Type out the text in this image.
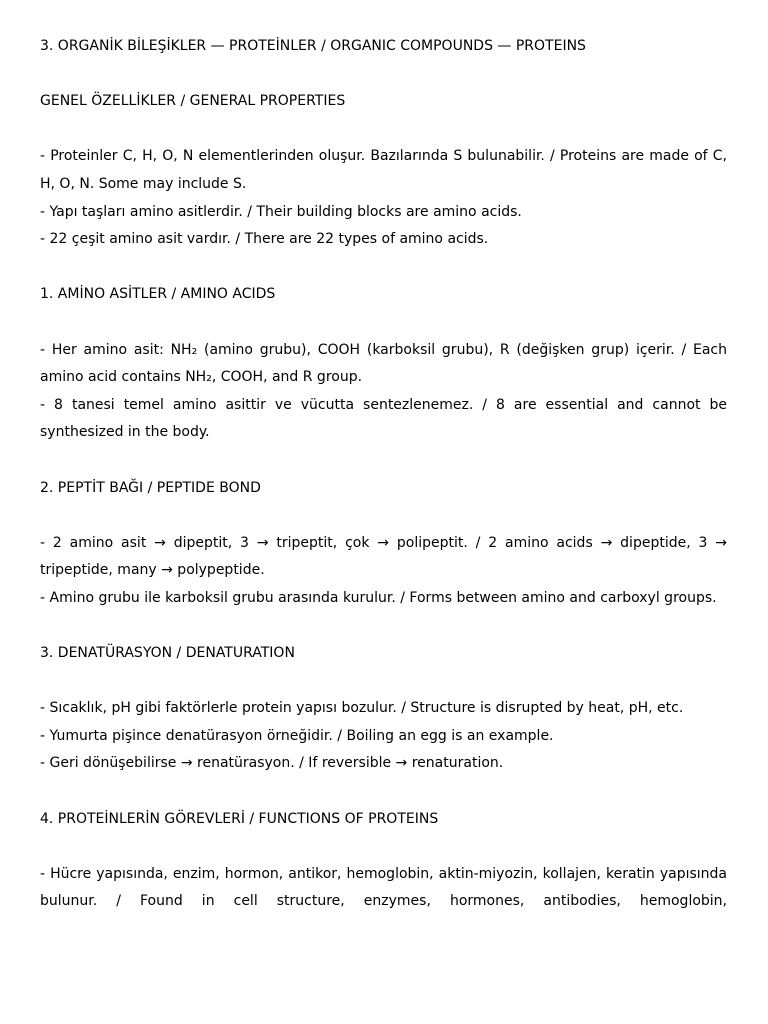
3. ORGANİK BİLEŞİKLER — PROTEİNLER / ORGANIC COMPOUNDS — PROTEINS

GENEL ÖZELLİKLER / GENERAL PROPERTIES

- Proteinler C, H, O, N elementlerinden oluşur. Bazılarında S bulunabilir. / Proteins are made of C, H, O, N. Some may include S.

- Yapı taşları amino asitlerdir. / Their building blocks are amino acids.

- 22 çeşit amino asit vardır. / There are 22 types of amino acids.

1. AMİNO ASİTLER / AMINO ACIDS

- Her amino asit: NH₂ (amino grubu), COOH (karboksil grubu), R (değişken grup) içerir. / Each amino acid contains NH₂, COOH, and R group.

- 8 tanesi temel amino asittir ve vücutta sentezlenemez. / 8 are essential and cannot be synthesized in the body.

2. PEPTİT BAĞI / PEPTIDE BOND

- 2 amino asit → dipeptit, 3 → tripeptit, çok → polipeptit. / 2 amino acids → dipeptide, 3 → tripeptide, many → polypeptide.

- Amino grubu ile karboksil grubu arasında kurulur. / Forms between amino and carboxyl groups.

3. DENATÜRASYON / DENATURATION

- Sıcaklık, pH gibi faktörlerle protein yapısı bozulur. / Structure is disrupted by heat, pH, etc.

- Yumurta pişince denatürasyon örneğidir. / Boiling an egg is an example.

- Geri dönüşebilirse → renatürasyon. / If reversible → renaturation.

4. PROTEİNLERİN GÖREVLERİ / FUNCTIONS OF PROTEINS

- Hücre yapısında, enzim, hormon, antikor, hemoglobin, aktin-miyozin, kollajen, keratin yapısında bulunur. / Found in cell structure, enzymes, hormones, antibodies, hemoglobin,
